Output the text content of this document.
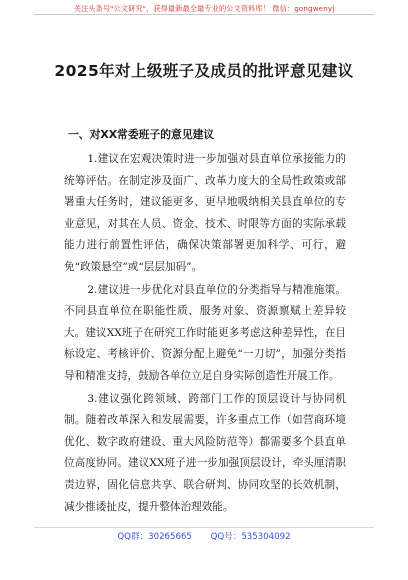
关注头条号"公文研究"，获得最新最全最专业的公文资料库！ 微信：gongwenyj
2025年对上级班子及成员的批评意见建议
一、对XX常委班子的意见建议

1.建议在宏观决策时进一步加强对县直单位承接能力的统筹评估。在制定涉及面广、改革力度大的全局性政策或部署重大任务时，建议能更多、更早地吸纳相关县直单位的专业意见，对其在人员、资金、技术、时限等方面的实际承载能力进行前置性评估，确保决策部署更加科学、可行，避免“政策悬空”或“层层加码”。

2.建议进一步优化对县直单位的分类指导与精准施策。不同县直单位在职能性质、服务对象、资源禀赋上差异较大。建议XX班子在研究工作时能更多考虑这种差异性，在目标设定、考核评价、资源分配上避免“一刀切”，加强分类指导和精准支持，鼓励各单位立足自身实际创造性开展工作。

3.建议强化跨领域、跨部门工作的顶层设计与协同机制。随着改革深入和发展需要，许多重点工作（如营商环境优化、数字政府建设、重大风险防范等）都需要多个县直单位高度协同。建议XX班子进一步加强顶层设计，牵头厘清职责边界，固化信息共享、联合研判、协同攻坚的长效机制，减少推诿扯皮，提升整体治理效能。

QQ群：30265665 QQ号：535304092
